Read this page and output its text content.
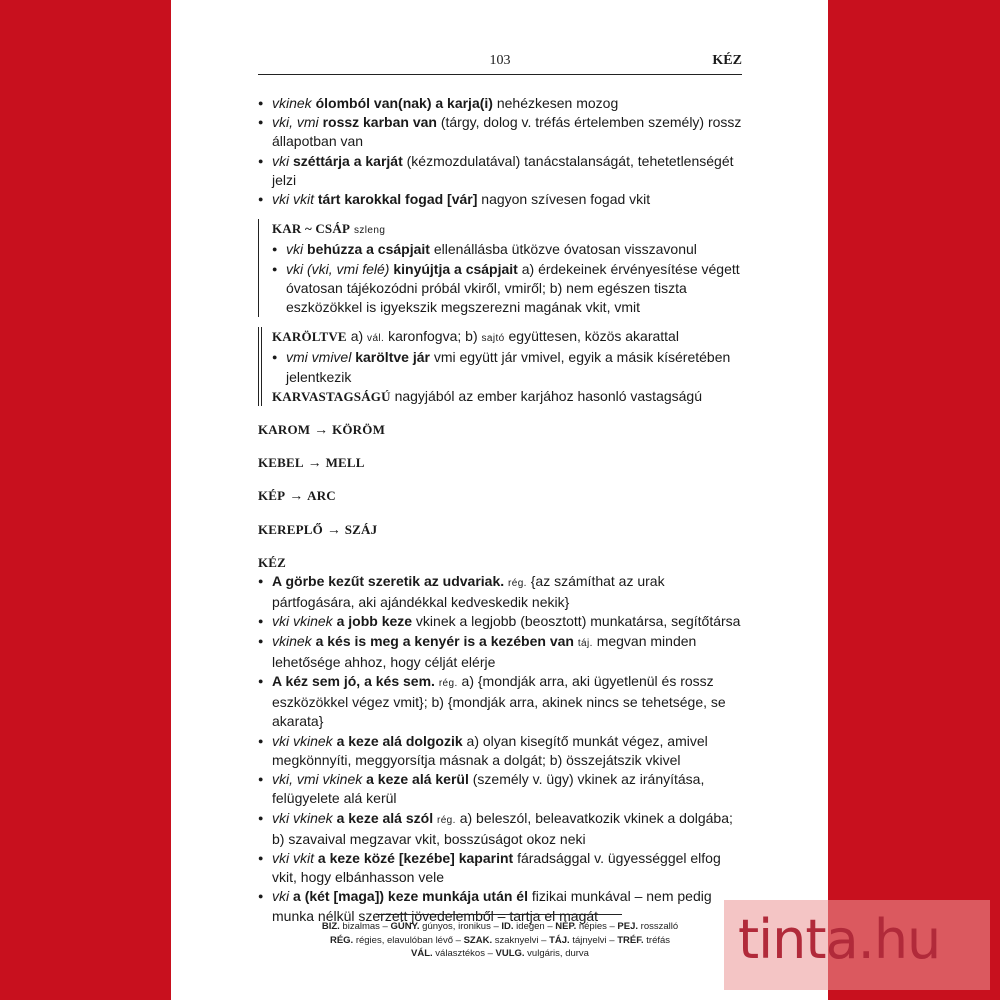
103	KÉZ
● vkinek ólomból van(nak) a karja(i) nehézkesen mozog
● vki, vmi rossz karban van (tárgy, dolog v. tréfás értelemben személy) rossz állapotban van
● vki széttárja a karját (kézmozdulatával) tanácstalanságát, tehetetlenségét jelzi
● vki vkit tárt karokkal fogad [vár] nagyon szívesen fogad vkit
KAR ~ CSÁP szleng
● vki behúzza a csápjait ellenállásba ütközve óvatosan visszavonul
● vki (vki, vmi felé) kinyújtja a csápjait a) érdekeinek érvényesítése végett óvatosan tájékozódni próbál vkiről, vmiről; b) nem egészen tiszta eszközökkel is igyekszik megszerezni magának vkit, vmit
KARÖLTVE a) vál. karonfogva; b) sajtó együttesen, közös akarattal
● vmi vmivel karöltve jár vmi együtt jár vmivel, egyik a másik kíséretében jelentkezik
KARVASTAGSÁGÚ nagyjából az ember karjához hasonló vastagságú
KAROM → KÖRÖM
KEBEL → MELL
KÉP → ARC
KEREPLŐ → SZÁJ
KÉZ
● A görbe kezűt szeretik az udvariak. rég. {az számíthat az urak pártfogására, aki ajándékkal kedveskedik nekik}
● vki vkinek a jobb keze vkinek a legjobb (beosztott) munkatársa, segítőtársa
● vkinek a kés is meg a kenyér is a kezében van táj. megvan minden lehetősége ahhoz, hogy célját elérje
● A kéz sem jó, a kés sem. rég. a) {mondják arra, aki ügyetlenül és rossz eszközökkel végez vmit}; b) {mondják arra, akinek nincs se tehetsége, se akarata}
● vki vkinek a keze alá dolgozik a) olyan kisegítő munkát végez, amivel megkönnyíti, meggyorsítja másnak a dolgát; b) összejátszik vkivel
● vki, vmi vkinek a keze alá kerül (személy v. ügy) vkinek az irányítása, felügyelete alá kerül
● vki vkinek a keze alá szól rég. a) beleszól, beleavatkozik vkinek a dolgába; b) szavaival megzavar vkit, bosszúságot okoz neki
● vki vkit a keze közé [kezébe] kaparint fáradsággal v. ügyességgel elfog vkit, hogy elbánhasson vele
● vki a (két [maga]) keze munkája után él fizikai munkával – nem pedig munka nélkül szerzett jövedelemből – tartja el magát
BIZ. bizalmas – GÚNY. gúnyos, ironikus – ID. idegen – NÉP. népies – PEJ. rosszalló
RÉG. régies, elavulóban lévő – SZAK. szaknyelvi – TÁJ. tájnyelvi – TRÉF. tréfás
VÁL. választékos – VULG. vulgáris, durva	tinta.hu
